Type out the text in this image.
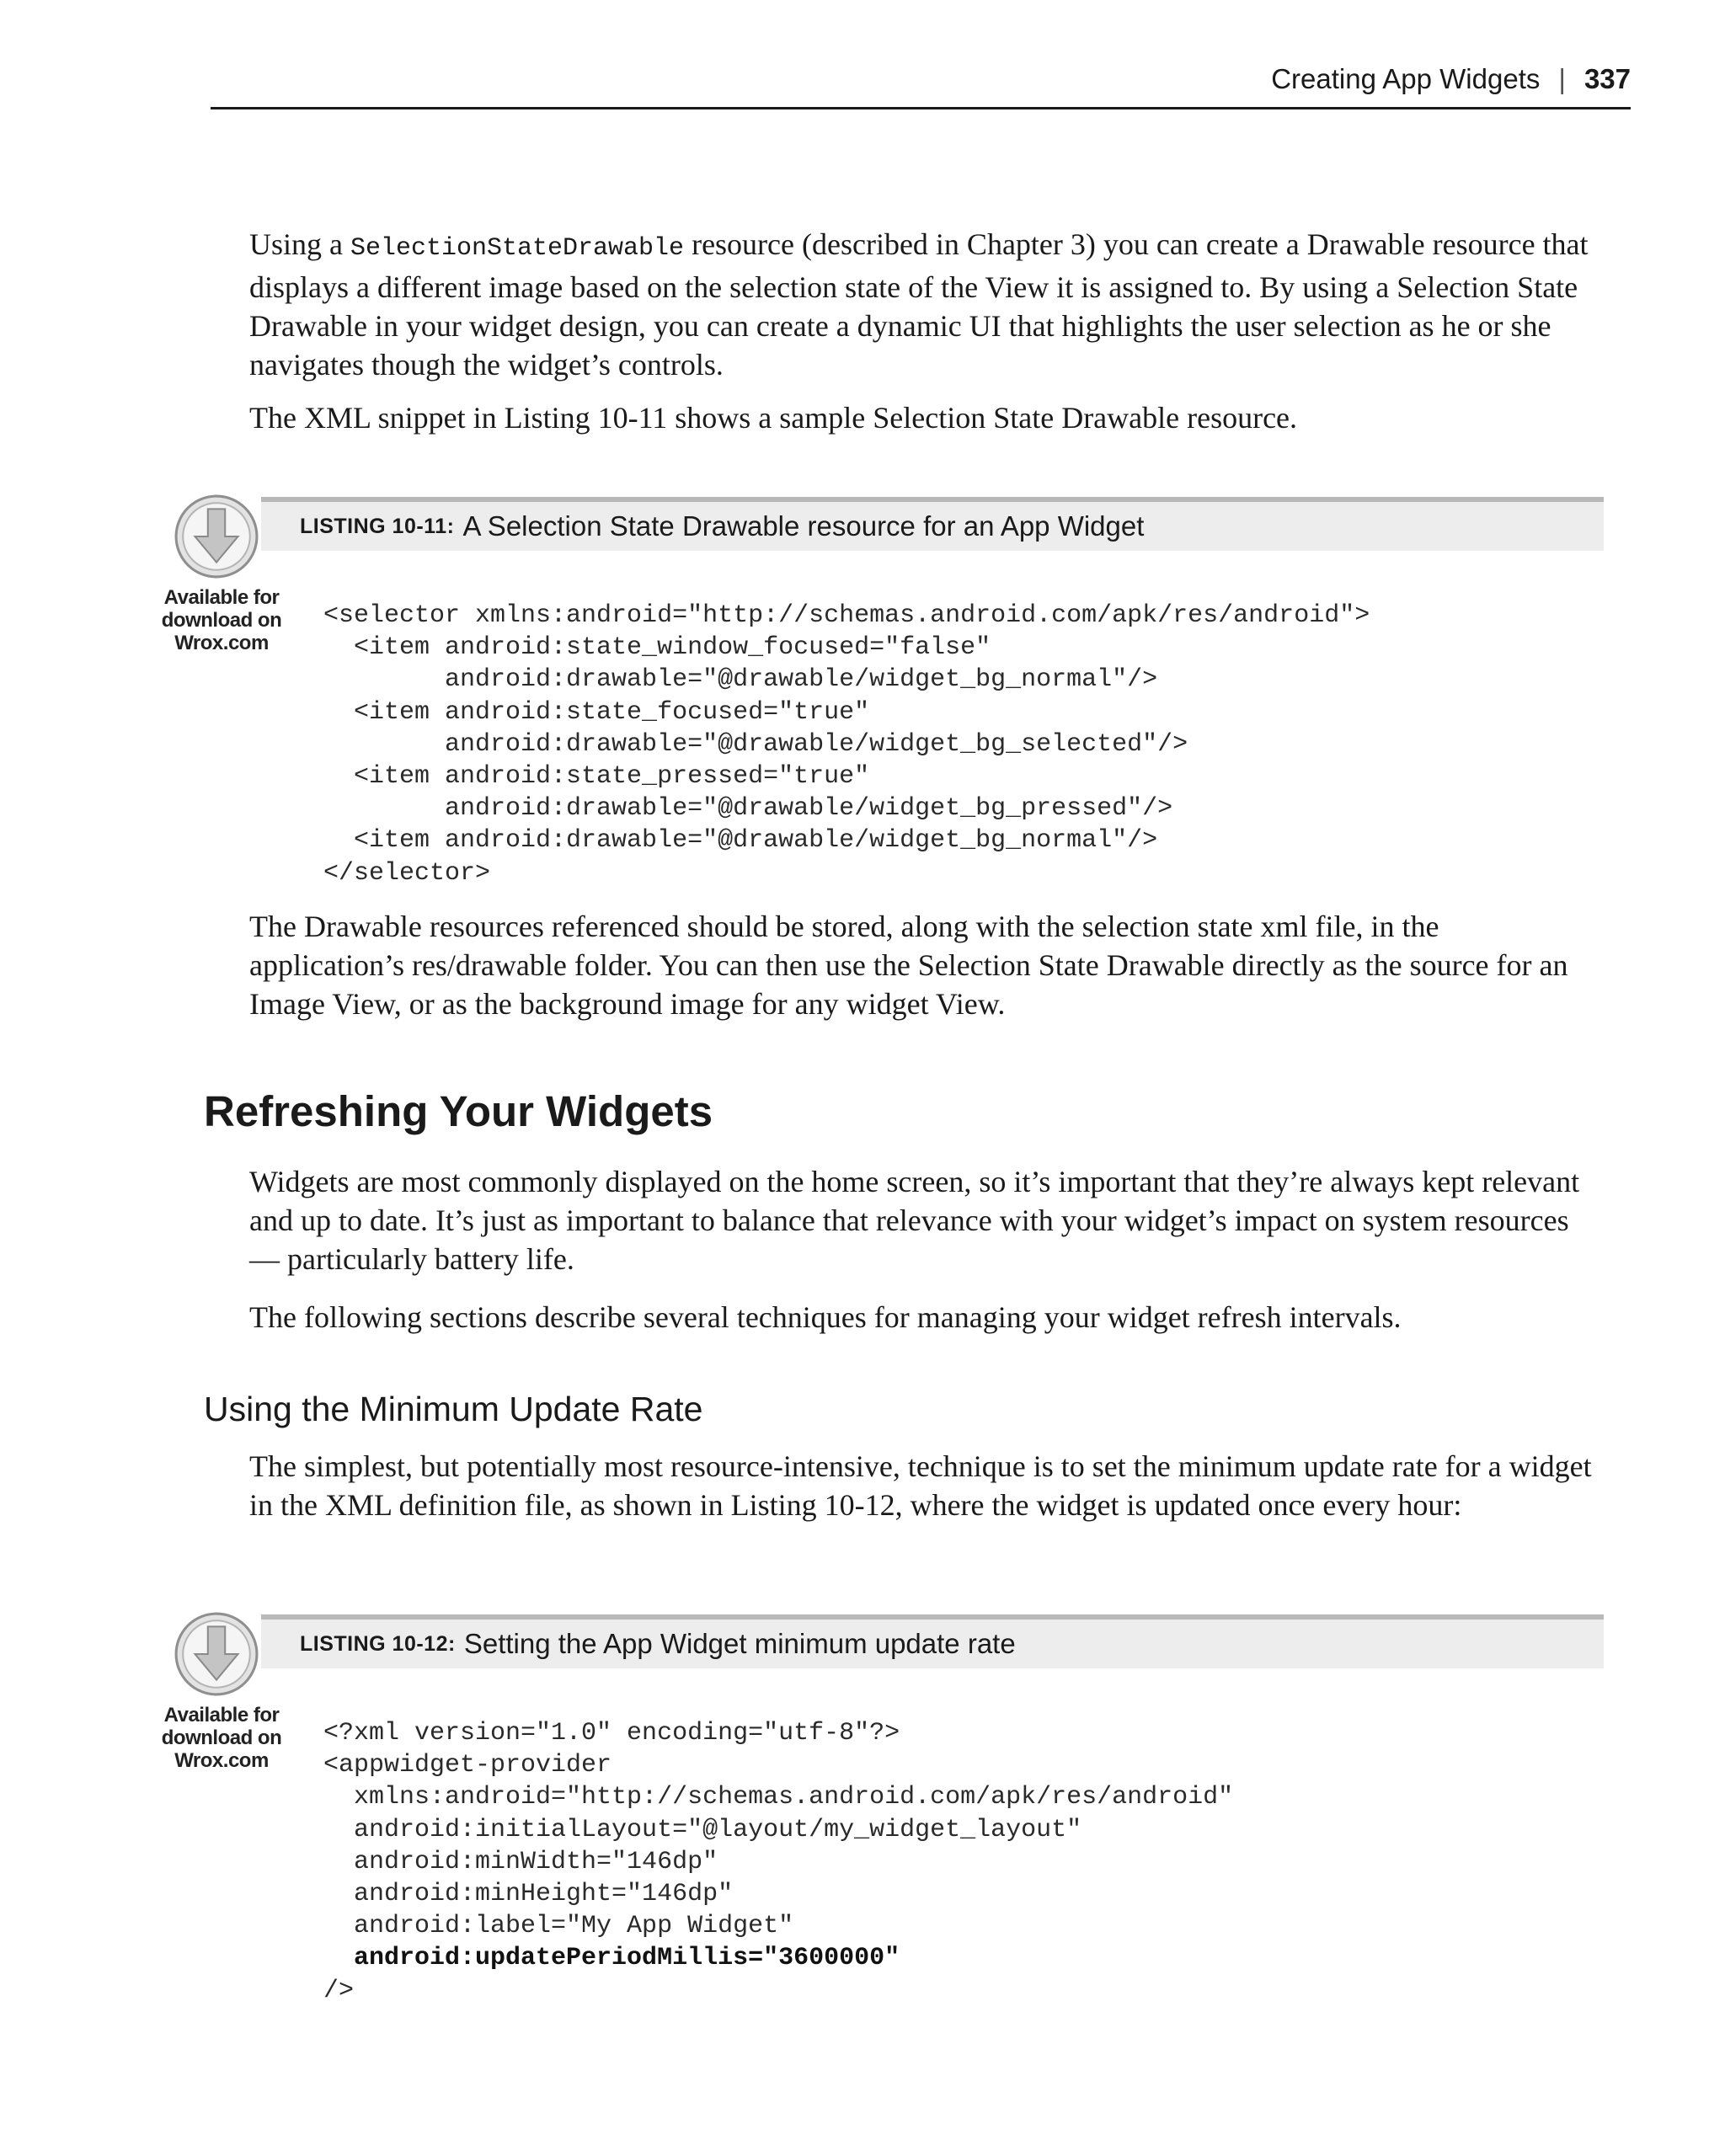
Creating App Widgets | 337

Using a SelectionStateDrawable resource (described in Chapter 3) you can create a Drawable resource that displays a different image based on the selection state of the View it is assigned to. By using a Selection State Drawable in your widget design, you can create a dynamic UI that highlights the user selection as he or she navigates though the widget’s controls.

The XML snippet in Listing 10-11 shows a sample Selection State Drawable resource.

LISTING 10-11: A Selection State Drawable resource for an App Widget
Available for
download on
Wrox.com
<selector xmlns:android="http://schemas.android.com/apk/res/android">
<item android:state_window_focused="false"
android:drawable="@drawable/widget_bg_normal"/>
<item android:state_focused="true"
android:drawable="@drawable/widget_bg_selected"/>
<item android:state_pressed="true"
android:drawable="@drawable/widget_bg_pressed"/>
<item android:drawable="@drawable/widget_bg_normal"/>
</selector>

The Drawable resources referenced should be stored, along with the selection state xml file, in the application’s res/drawable folder. You can then use the Selection State Drawable directly as the source for an Image View, or as the background image for any widget View.

Refreshing Your Widgets

Widgets are most commonly displayed on the home screen, so it’s important that they’re always kept relevant and up to date. It’s just as important to balance that relevance with your widget’s impact on system resources — particularly battery life.

The following sections describe several techniques for managing your widget refresh intervals.

Using the Minimum Update Rate

The simplest, but potentially most resource-intensive, technique is to set the minimum update rate for a widget in the XML definition file, as shown in Listing 10-12, where the widget is updated once every hour:

LISTING 10-12: Setting the App Widget minimum update rate
Available for
download on
Wrox.com
<?xml version="1.0" encoding="utf-8"?>
<appwidget-provider
xmlns:android="http://schemas.android.com/apk/res/android"
android:initialLayout="@layout/my_widget_layout"
android:minWidth="146dp"
android:minHeight="146dp"
android:label="My App Widget"
android:updatePeriodMillis="3600000"
/>
